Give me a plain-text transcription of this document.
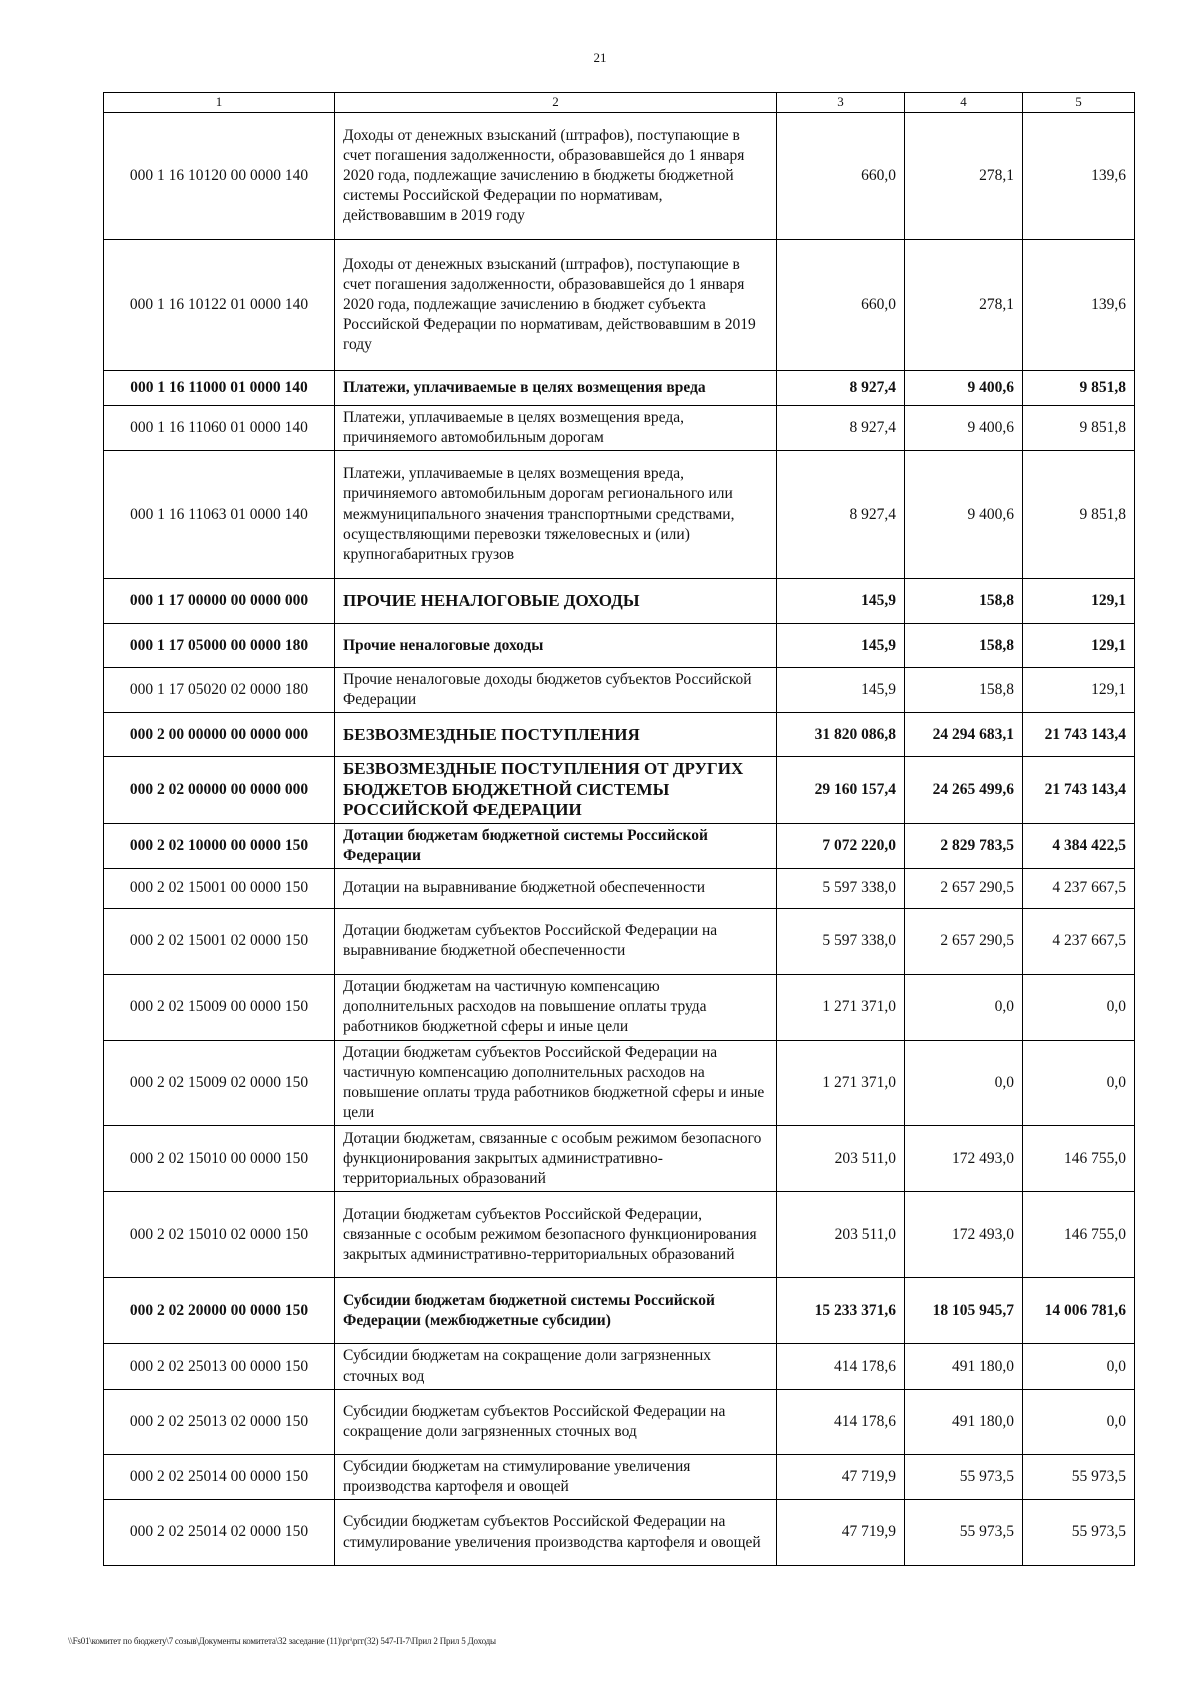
21
1	2	3	4	5
000 1 16 10120 00 0000 140	Доходы от денежных взысканий (штрафов), поступающие в счет погашения задолженности, образовавшейся до 1 января 2020 года, подлежащие зачислению в бюджеты бюджетной системы Российской Федерации по нормативам, действовавшим в 2019 году	660,0	278,1	139,6
000 1 16 10122 01 0000 140	Доходы от денежных взысканий (штрафов), поступающие в счет погашения задолженности, образовавшейся до 1 января 2020 года, подлежащие зачислению в бюджет субъекта Российской Федерации по нормативам, действовавшим в 2019 году	660,0	278,1	139,6
000 1 16 11000 01 0000 140	Платежи, уплачиваемые в целях возмещения вреда	8 927,4	9 400,6	9 851,8
000 1 16 11060 01 0000 140	Платежи, уплачиваемые в целях возмещения вреда, причиняемого автомобильным дорогам	8 927,4	9 400,6	9 851,8
000 1 16 11063 01 0000 140	Платежи, уплачиваемые в целях возмещения вреда, причиняемого автомобильным дорогам регионального или межмуниципального значения транспортными средствами, осуществляющими перевозки тяжеловесных и (или) крупногабаритных грузов	8 927,4	9 400,6	9 851,8
000 1 17 00000 00 0000 000	ПРОЧИЕ НЕНАЛОГОВЫЕ ДОХОДЫ	145,9	158,8	129,1
000 1 17 05000 00 0000 180	Прочие неналоговые доходы	145,9	158,8	129,1
000 1 17 05020 02 0000 180	Прочие неналоговые доходы бюджетов субъектов Российской Федерации	145,9	158,8	129,1
000 2 00 00000 00 0000 000	БЕЗВОЗМЕЗДНЫЕ ПОСТУПЛЕНИЯ	31 820 086,8	24 294 683,1	21 743 143,4
000 2 02 00000 00 0000 000	БЕЗВОЗМЕЗДНЫЕ ПОСТУПЛЕНИЯ ОТ ДРУГИХ БЮДЖЕТОВ БЮДЖЕТНОЙ СИСТЕМЫ РОССИЙСКОЙ ФЕДЕРАЦИИ	29 160 157,4	24 265 499,6	21 743 143,4
000 2 02 10000 00 0000 150	Дотации бюджетам бюджетной системы Российской Федерации	7 072 220,0	2 829 783,5	4 384 422,5
000 2 02 15001 00 0000 150	Дотации на выравнивание бюджетной обеспеченности	5 597 338,0	2 657 290,5	4 237 667,5
000 2 02 15001 02 0000 150	Дотации бюджетам субъектов Российской Федерации на выравнивание бюджетной обеспеченности	5 597 338,0	2 657 290,5	4 237 667,5
000 2 02 15009 00 0000 150	Дотации бюджетам на частичную компенсацию дополнительных расходов на повышение оплаты труда работников бюджетной сферы и иные цели	1 271 371,0	0,0	0,0
000 2 02 15009 02 0000 150	Дотации бюджетам субъектов Российской Федерации на частичную компенсацию дополнительных расходов на повышение оплаты труда работников бюджетной сферы и иные цели	1 271 371,0	0,0	0,0
000 2 02 15010 00 0000 150	Дотации бюджетам, связанные с особым режимом безопасного функционирования закрытых административно-территориальных образований	203 511,0	172 493,0	146 755,0
000 2 02 15010 02 0000 150	Дотации бюджетам субъектов Российской Федерации, связанные с особым режимом безопасного функционирования закрытых административно-территориальных образований	203 511,0	172 493,0	146 755,0
000 2 02 20000 00 0000 150	Субсидии бюджетам бюджетной системы Российской Федерации (межбюджетные субсидии)	15 233 371,6	18 105 945,7	14 006 781,6
000 2 02 25013 00 0000 150	Субсидии бюджетам на сокращение доли загрязненных сточных вод	414 178,6	491 180,0	0,0
000 2 02 25013 02 0000 150	Субсидии бюджетам субъектов Российской Федерации на сокращение доли загрязненных сточных вод	414 178,6	491 180,0	0,0
000 2 02 25014 00 0000 150	Субсидии бюджетам на стимулирование увеличения производства картофеля и овощей	47 719,9	55 973,5	55 973,5
000 2 02 25014 02 0000 150	Субсидии бюджетам субъектов Российской Федерации на стимулирование увеличения производства картофеля и овощей	47 719,9	55 973,5	55 973,5
\\Fs01\комитет по бюджету\7 созыв\Документы комитета\32 заседание (11)\рг\ргг(32) 547-П-7\Прил 2 Прил 5 Доходы
